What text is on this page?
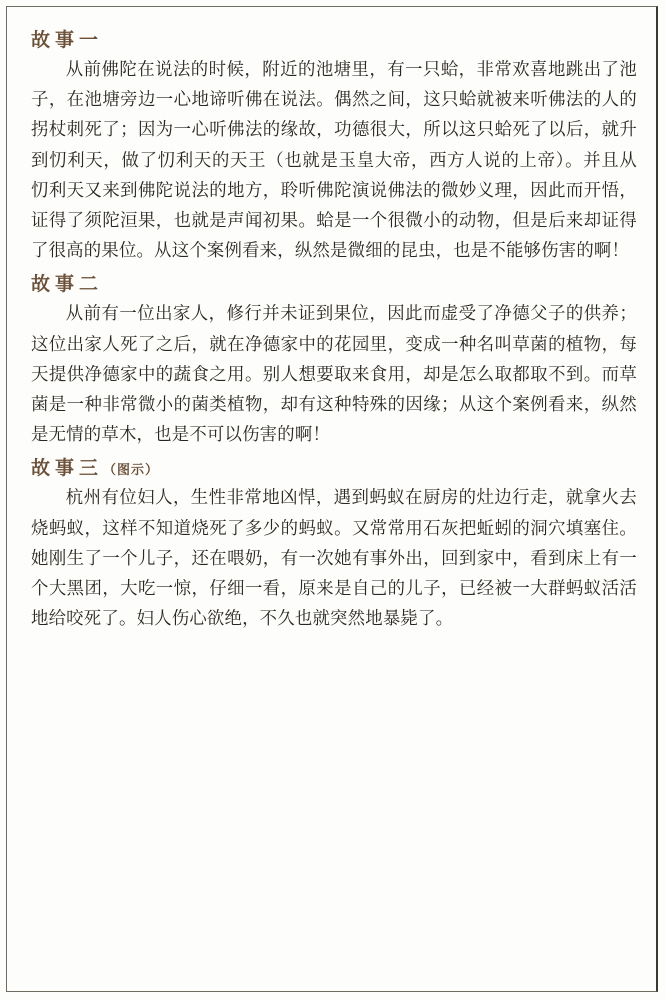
故事一

从前佛陀在说法的时候，附近的池塘里，有一只蛤，非常欢喜地跳出了池子，在池塘旁边一心地谛听佛在说法。偶然之间，这只蛤就被来听佛法的人的拐杖刺死了；因为一心听佛法的缘故，功德很大，所以这只蛤死了以后，就升到忉利天，做了忉利天的天王（也就是玉皇大帝，西方人说的上帝）。并且从忉利天又来到佛陀说法的地方，聆听佛陀演说佛法的微妙义理，因此而开悟，证得了须陀洹果，也就是声闻初果。蛤是一个很微小的动物，但是后来却证得了很高的果位。从这个案例看来，纵然是微细的昆虫，也是不能够伤害的啊！

故事二

从前有一位出家人，修行并未证到果位，因此而虚受了净德父子的供养；这位出家人死了之后，就在净德家中的花园里，变成一种名叫草菌的植物，每天提供净德家中的蔬食之用。别人想要取来食用，却是怎么取都取不到。而草菌是一种非常微小的菌类植物，却有这种特殊的因缘；从这个案例看来，纵然是无情的草木，也是不可以伤害的啊！

故事三（图示）

杭州有位妇人，生性非常地凶悍，遇到蚂蚁在厨房的灶边行走，就拿火去烧蚂蚁，这样不知道烧死了多少的蚂蚁。又常常用石灰把蚯蚓的洞穴填塞住。她刚生了一个儿子，还在喂奶，有一次她有事外出，回到家中，看到床上有一个大黑团，大吃一惊，仔细一看，原来是自己的儿子，已经被一大群蚂蚁活活地给咬死了。妇人伤心欲绝，不久也就突然地暴毙了。
